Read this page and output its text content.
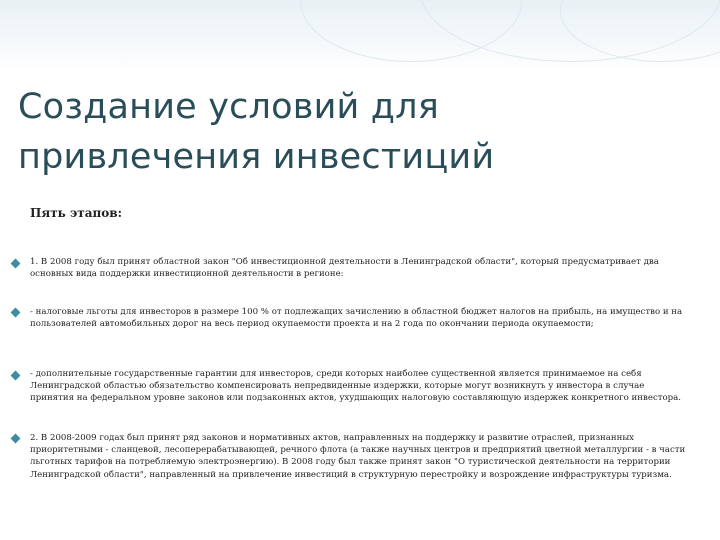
Создание условий для
привлечения инвестиций

Пять этапов:

1. В 2008 году был принят областной закон "Об инвестиционной деятельности в Ленинградской области", который предусматривает два основных вида поддержки инвестиционной деятельности в регионе:

- налоговые льготы для инвесторов в размере 100 % от подлежащих зачислению в областной бюджет налогов на прибыль, на имущество и на пользователей автомобильных дорог на весь период окупаемости проекта и на 2 года по окончании периода окупаемости;

- дополнительные государственные гарантии для инвесторов, среди которых наиболее существенной является принимаемое на себя Ленинградской областью обязательство компенсировать непредвиденные издержки, которые могут возникнуть у инвестора в случае принятия на федеральном уровне законов или подзаконных актов, ухудшающих налоговую составляющую издержек конкретного инвестора.

2. В 2008-2009 годах был принят ряд законов и нормативных актов, направленных на поддержку и развитие отраслей, признанных приоритетными - сланцевой, лесоперерабатывающей, речного флота (а также научных центров и предприятий цветной металлургии - в части льготных тарифов на потребляемую электроэнергию). В 2008 году был также принят закон "О туристической деятельности на территории Ленинградской области", направленный на привлечение инвестиций в структурную перестройку и возрождение инфраструктуры туризма.
